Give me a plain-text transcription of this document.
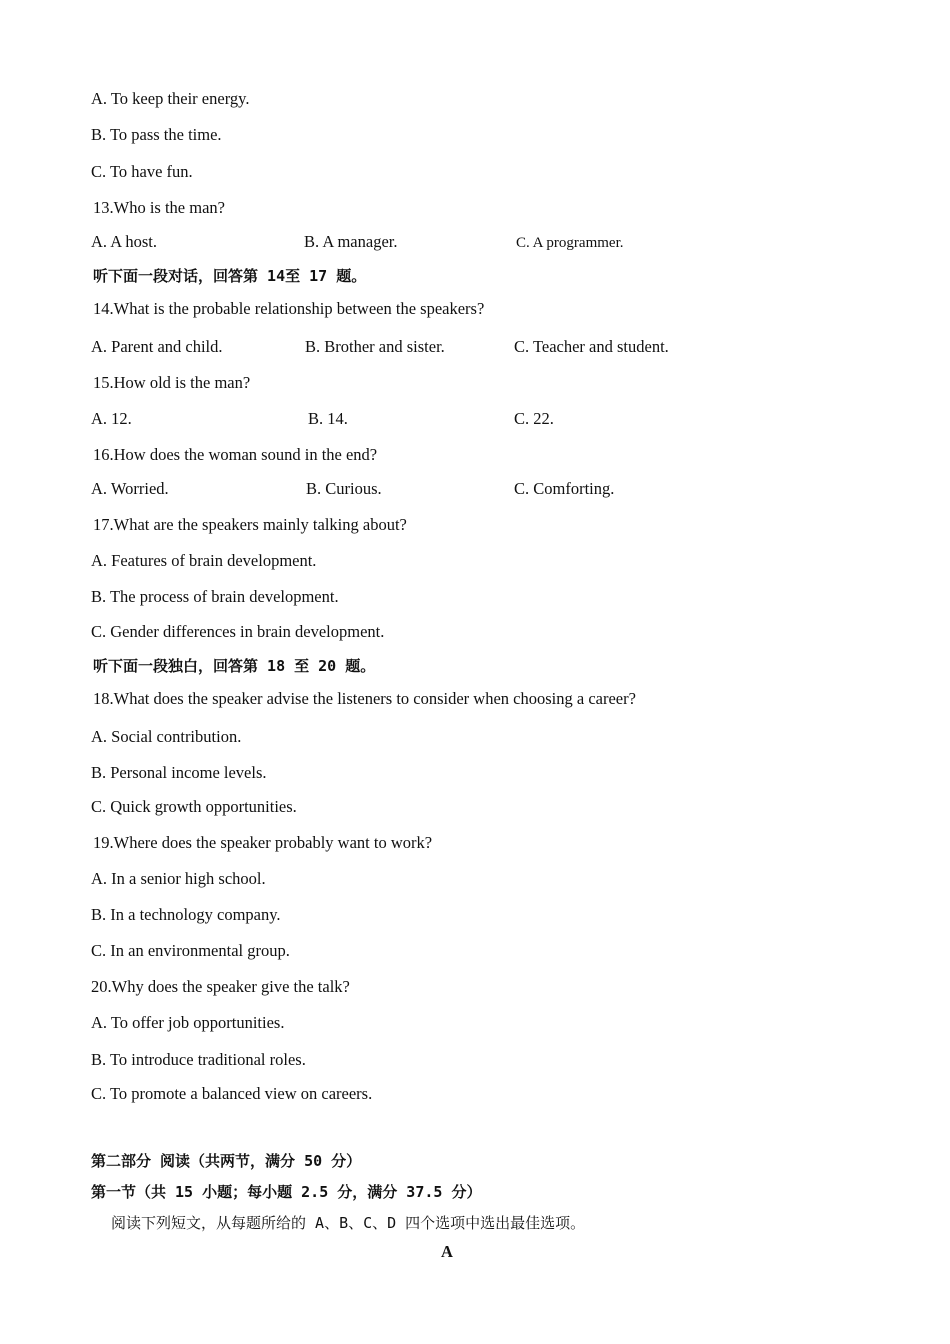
A. To keep their energy.
B. To pass the time.
C. To have fun.
13.Who is the man?
A. A host.	B. A manager.	C. A programmer.
听下面一段对话，回答第 14至 17 题。
14.What is the probable relationship between the speakers?
A. Parent and child.	B. Brother and sister.	C. Teacher and student.
15.How old is the man?
A. 12.	B. 14.	C. 22.
16.How does the woman sound in the end?
A. Worried.	B. Curious.	C. Comforting.
17.What are the speakers mainly talking about?
A. Features of brain development.
B. The process of brain development.
C. Gender differences in brain development.
听下面一段独白，回答第 18 至 20 题。
18.What does the speaker advise the listeners to consider when choosing a career?
A. Social contribution.
B. Personal income levels.
C. Quick growth opportunities.
19.Where does the speaker probably want to work?
A. In a senior high school.
B. In a technology company.
C. In an environmental group.
20.Why does the speaker give the talk?
A. To offer job opportunities.
B. To introduce traditional roles.
C. To promote a balanced view on careers.
第二部分 阅读（共两节，满分 50 分）
第一节（共 15 小题；每小题 2.5 分，满分 37.5 分）
阅读下列短文，从每题所给的 A、B、C、D 四个选项中选出最佳选项。
A
